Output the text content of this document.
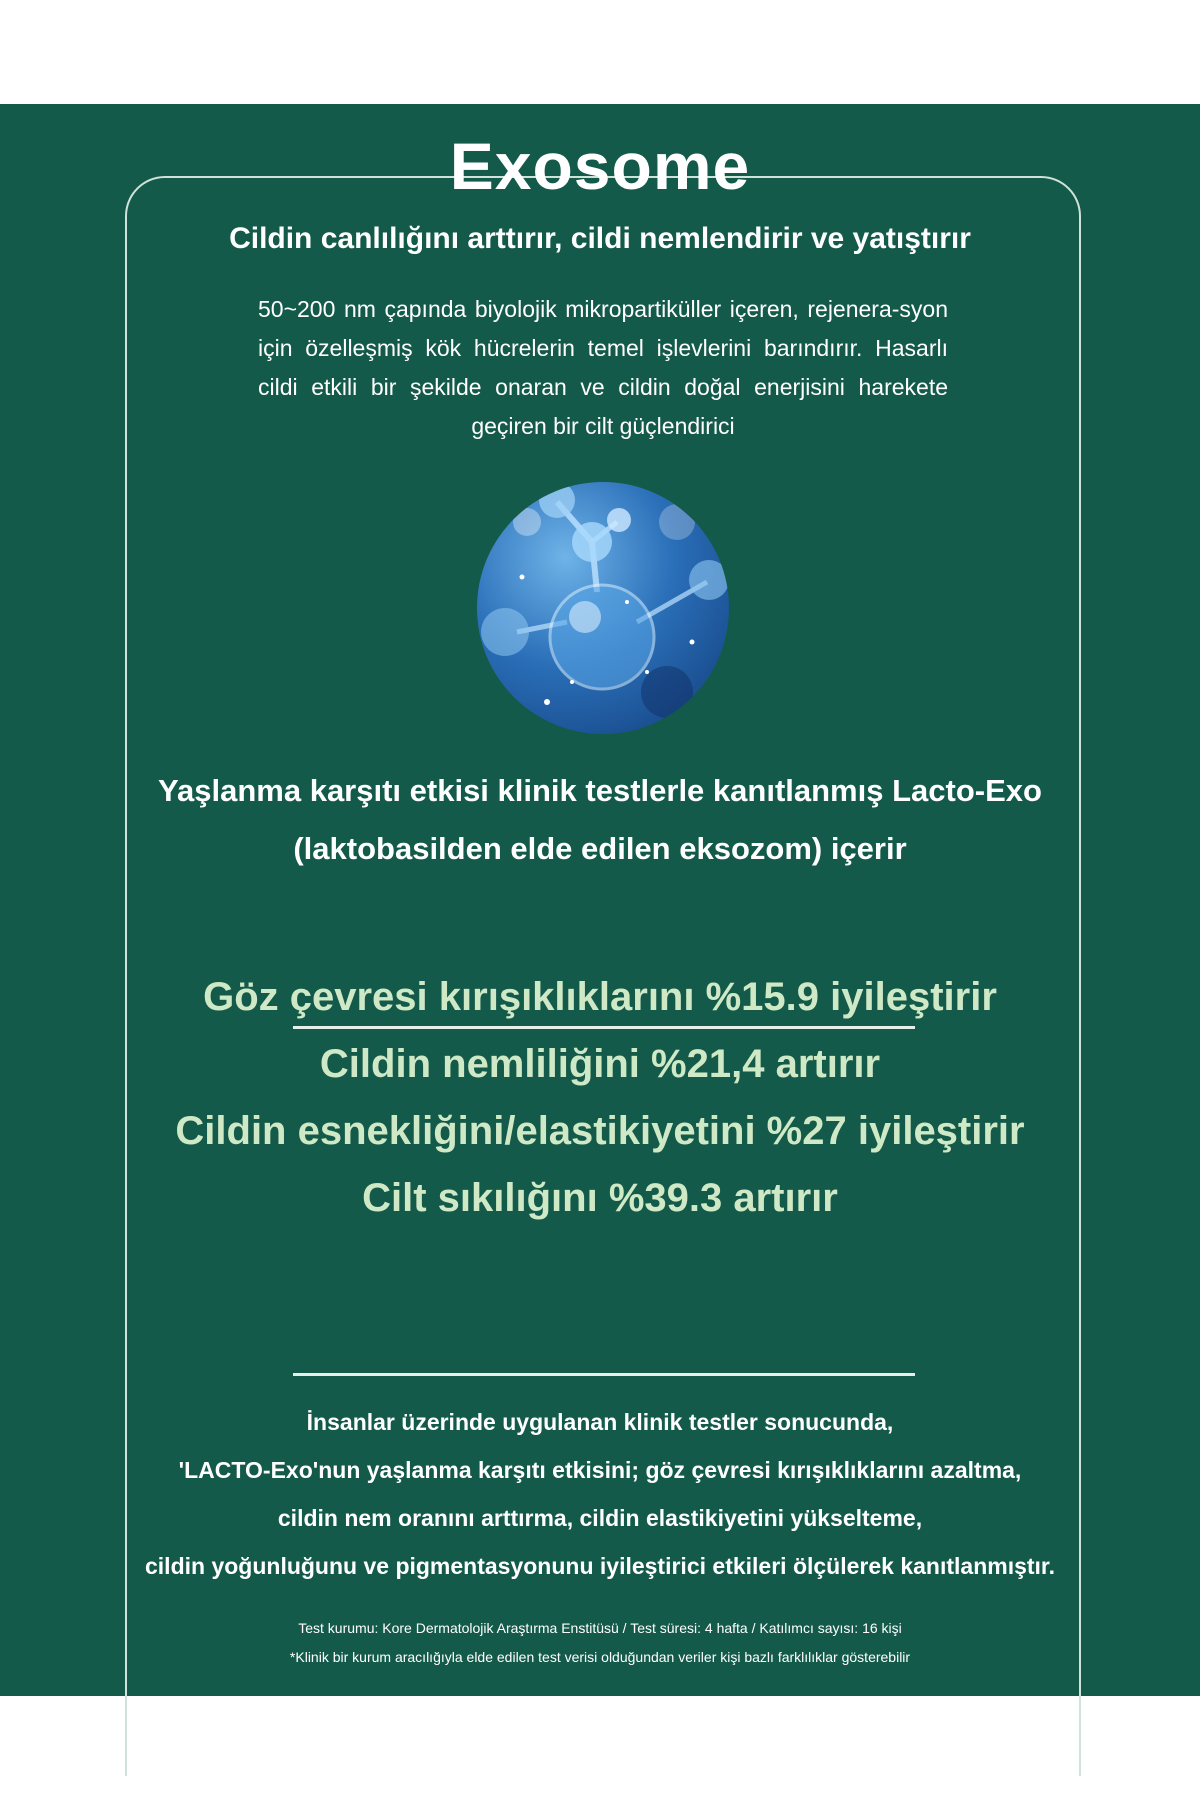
Exosome
Cildin canlılığını arttırır, cildi nemlendirir ve yatıştırır
50~200 nm çapında biyolojik mikropartiküller içeren, rejenera-syon için özelleşmiş kök hücrelerin temel işlevlerini barındırır. Hasarlı cildi etkili bir şekilde onaran ve cildin doğal enerjisini harekete geçiren bir cilt güçlendirici
Yaşlanma karşıtı etkisi klinik testlerle kanıtlanmış Lacto-Exo
(laktobasilden elde edilen eksozom) içerir
Göz çevresi kırışıklıklarını %15.9 iyileştirir
Cildin nemliliğini %21,4 artırır
Cildin esnekliğini/elastikiyetini %27 iyileştirir
Cilt sıkılığını %39.3 artırır
İnsanlar üzerinde uygulanan klinik testler sonucunda,
'LACTO-Exo'nun yaşlanma karşıtı etkisini; göz çevresi kırışıklıklarını azaltma,
cildin nem oranını arttırma, cildin elastikiyetini yükselteme,
cildin yoğunluğunu ve pigmentasyonunu iyileştirici etkileri ölçülerek kanıtlanmıştır.
Test kurumu: Kore Dermatolojik Araştırma Enstitüsü / Test süresi: 4 hafta / Katılımcı sayısı: 16 kişi
*Klinik bir kurum aracılığıyla elde edilen test verisi olduğundan veriler kişi bazlı farklılıklar gösterebilir
